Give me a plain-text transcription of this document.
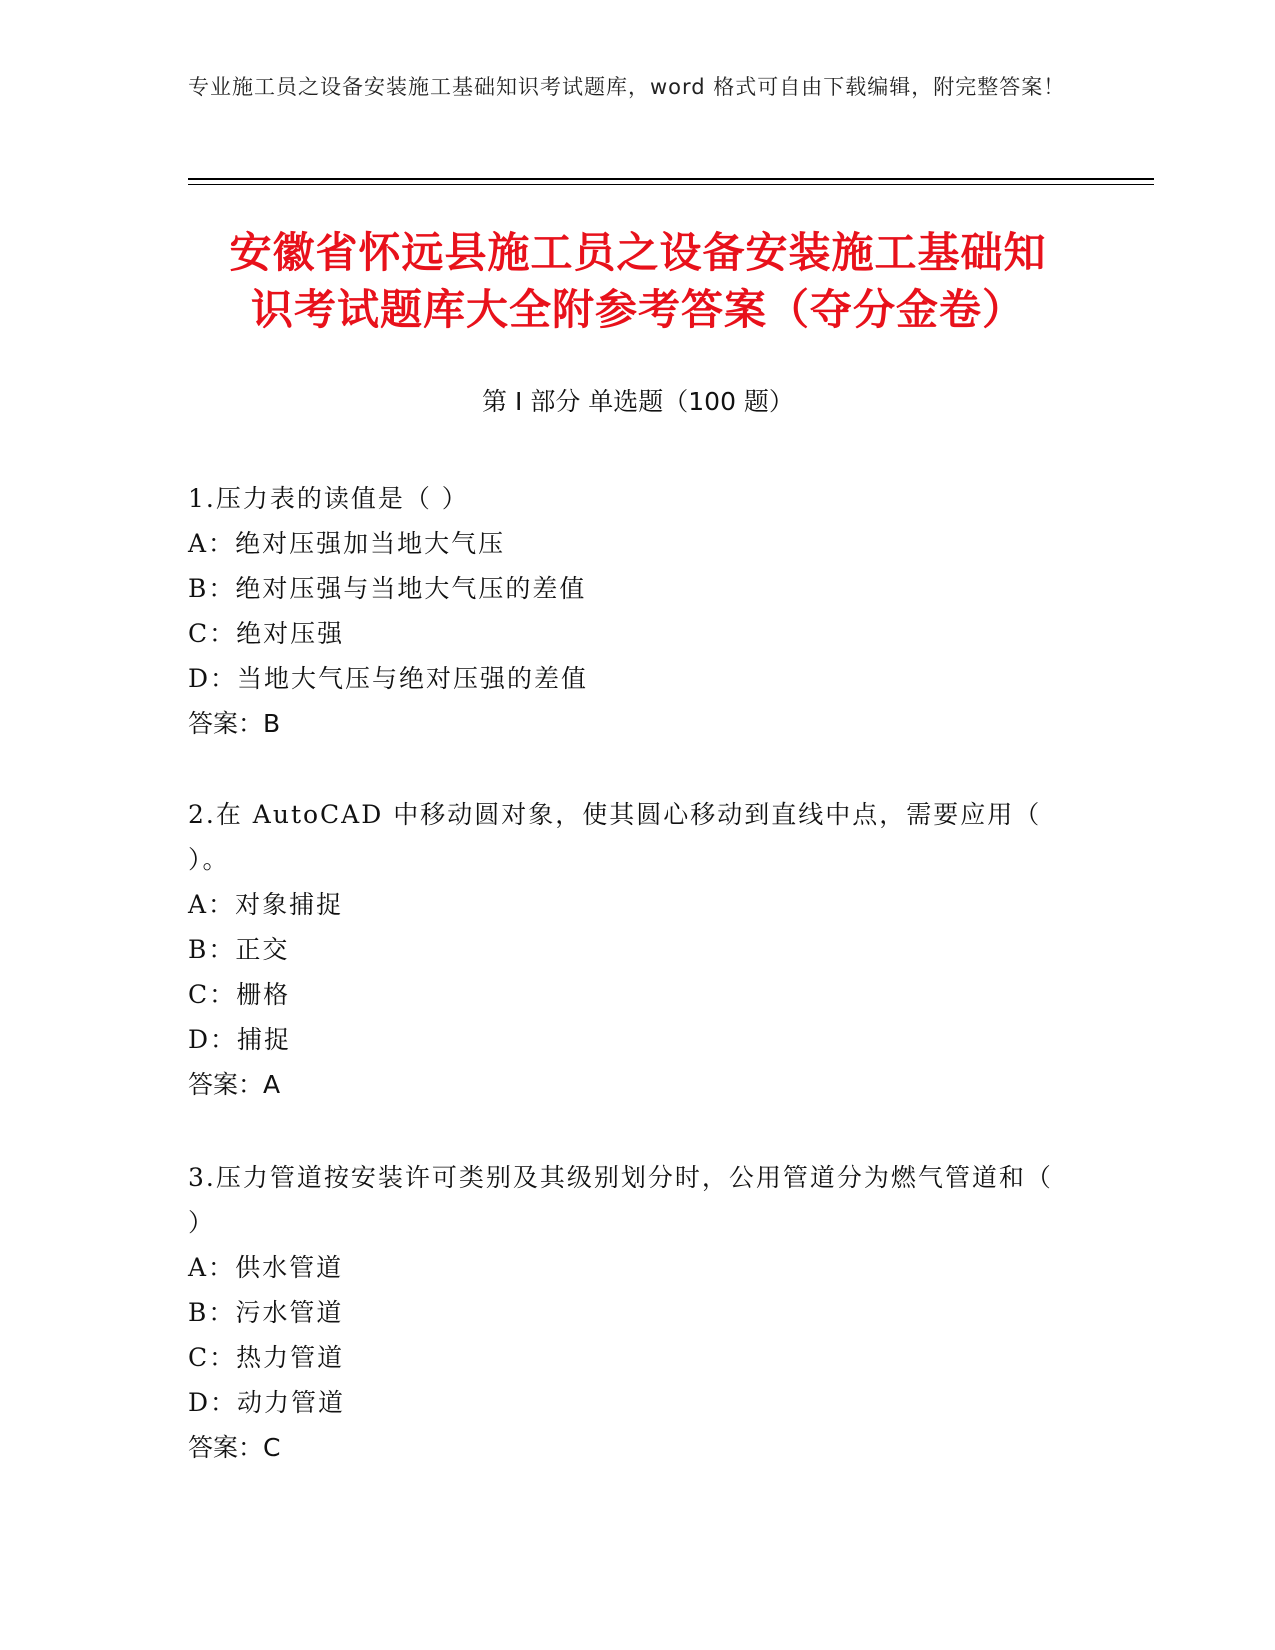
专业施工员之设备安装施工基础知识考试题库，word 格式可自由下载编辑，附完整答案！
安徽省怀远县施工员之设备安装施工基础知
识考试题库大全附参考答案（夺分金卷）
第 I 部分 单选题（100 题）

1.压力表的读值是（ ）

A：绝对压强加当地大气压

B：绝对压强与当地大气压的差值

C：绝对压强

D：当地大气压与绝对压强的差值

答案：B

2.在 AutoCAD 中移动圆对象，使其圆心移动到直线中点，需要应用（ ）。

A：对象捕捉

B：正交

C：栅格

D：捕捉

答案：A

3.压力管道按安装许可类别及其级别划分时，公用管道分为燃气管道和（ ）

A：供水管道

B：污水管道

C：热力管道

D：动力管道

答案：C
